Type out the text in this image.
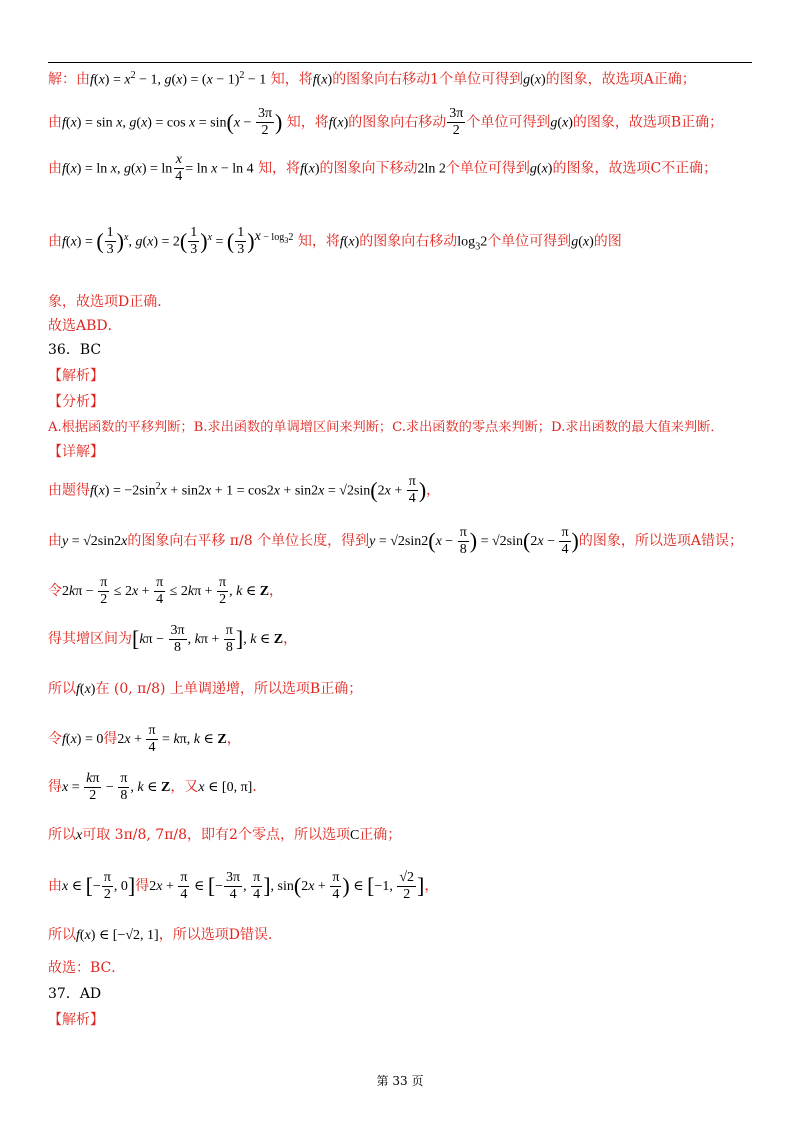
解：由$f(x) = x^2 - 1$, $g(x) = (x - 1)^2 - 1$ 知，将f(x)的图象向右移动1个单位可得到g(x)的图象，故选项A正确；
由f(x) = sin x, $g(x) = \cos x = \sin(x - \frac{3\pi}{2}$ ) 知，将f(x)的图象向右移动 $\frac{3\pi}{2}$ 个单位可得到g(x)的图象，故选项B正确；
由f(x) = ln x, $g(x) = \ln \frac{x}{4} = \ln x - \ln 4$ 知，将f(x)的图象向下移动2ln 2个单位可得到g(x)的图象，故选项C不正确；
由f(x) = ( $\frac{1}{3} )^x$, $g(x) = 2( \frac{1}{3} )^x$ = ( $\frac{1}{3} )^{x - log_32}$ 知，将f(x)的图象向右移动$\log_32$个单位可得到g(x)的图
象，故选项D正确．
故选ABD．
36．BC
【解析】
【分析】
A.根据函数的平移判断；B.求出函数的单调增区间来判断；C.求出函数的零点来判断；D.求出函数的最大值来判断．
【详解】
由题得$f(x) = -2\sin^2x + \sin 2x + 1 = \cos 2x + \sin 2x = √2\sin(2x + \frac{\pi}{4}$ )，
由y = √2sin2x的图象向右平移 π/8 个单位长度，得到$y = √2\sin 2(x - \frac{\pi}{8}$ ) = $√2\sin(2x - \frac{\pi}{4}$ )的图象，所以选项A错误；
令$2k\pi - \frac{\pi}{2} \le 2x + \frac{\pi}{4} \le 2k\pi + \frac{\pi}{2}$ , k ∈ Z，
得其增区间为[$k\pi - \frac{3\pi}{8}$ , $k\pi + \frac{\pi}{8}$ ], k ∈ Z，
所以f(x)在 (0, π/8) 上单调递增，所以选项B正确；
令f(x) = 0得$2x + \frac{\pi}{4} = k\pi$, k ∈ Z，
得$x = \frac{k\pi}{2} - \frac{\pi}{8}$ , k ∈ Z，又x ∈ [0, π]．
所以x可取 3π/8, 7π/8，即有2个零点，所以选项C正确；
由x ∈ [− $\frac{\pi}{2}$ , 0]得$2x + \frac{\pi}{4}$ ∈ [− $\frac{3\pi}{4}$ , $\frac{\pi}{4}$ ], $\sin(2x + \frac{\pi}{4}$ ) ∈ [−1, $\frac{√2}{2}$ ]，
所以f(x) ∈ [−√2, 1]，所以选项D错误．
故选：BC．
37．AD
【解析】
第 33 页
